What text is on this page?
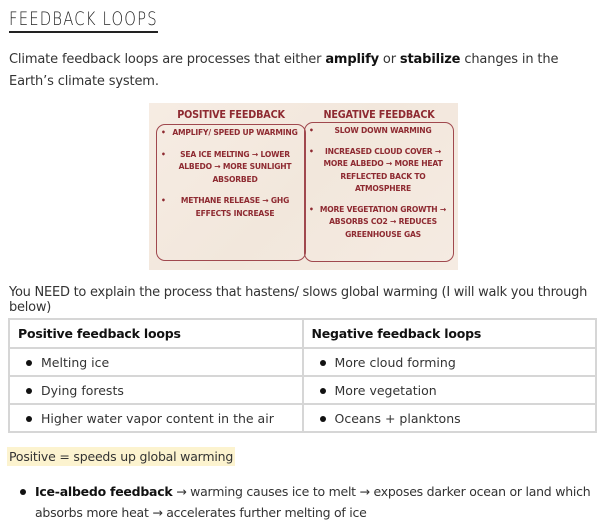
FEEDBACK LOOPS
Climate feedback loops are processes that either amplify or stabilize changes in the Earth’s climate system.
POSITIVE FEEDBACK
• AMPLIFY/ SPEED UP WARMING
•	SEA ICE MELTING → LOWER ALBEDO → MORE SUNLIGHT ABSORBED
•	METHANE RELEASE → GHG EFFECTS INCREASE
NEGATIVE FEEDBACK
•	SLOW DOWN WARMING
•	INCREASED CLOUD COVER → MORE ALBEDO → MORE HEAT REFLECTED BACK TO ATMOSPHERE
• MORE VEGETATION GROWTH → ABSORBS CO2 → REDUCES GREENHOUSE GAS
You NEED to explain the process that hastens/ slows global warming (I will walk you through below)
Positive feedback loops	Negative feedback loops
Melting ice	More cloud forming
Dying forests	More vegetation
Higher water vapor content in the air	Oceans + planktons
Positive = speeds up global warming
Ice-albedo feedback → warming causes ice to melt → exposes darker ocean or land which absorbs more heat → accelerates further melting of ice
